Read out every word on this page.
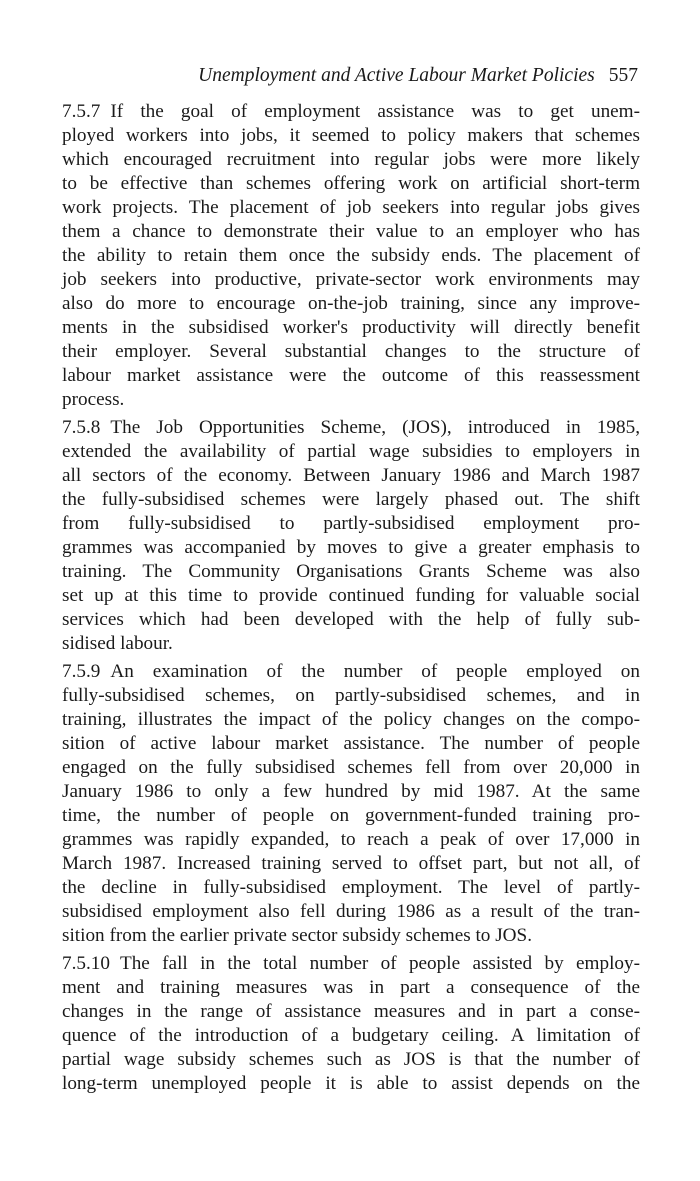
Unemployment and Active Labour Market Policies 557
7.5.7 If the goal of employment assistance was to get unem-
ployed workers into jobs, it seemed to policy makers that schemes
which encouraged recruitment into regular jobs were more likely
to be effective than schemes offering work on artificial short-term
work projects. The placement of job seekers into regular jobs gives
them a chance to demonstrate their value to an employer who has
the ability to retain them once the subsidy ends. The placement of
job seekers into productive, private-sector work environments may
also do more to encourage on-the-job training, since any improve-
ments in the subsidised worker's productivity will directly benefit
their employer. Several substantial changes to the structure of
labour market assistance were the outcome of this reassessment
process.
7.5.8 The Job Opportunities Scheme, (JOS), introduced in 1985,
extended the availability of partial wage subsidies to employers in
all sectors of the economy. Between January 1986 and March 1987
the fully-subsidised schemes were largely phased out. The shift
from fully-subsidised to partly-subsidised employment pro-
grammes was accompanied by moves to give a greater emphasis to
training. The Community Organisations Grants Scheme was also
set up at this time to provide continued funding for valuable social
services which had been developed with the help of fully sub-
sidised labour.
7.5.9 An examination of the number of people employed on
fully-subsidised schemes, on partly-subsidised schemes, and in
training, illustrates the impact of the policy changes on the compo-
sition of active labour market assistance. The number of people
engaged on the fully subsidised schemes fell from over 20,000 in
January 1986 to only a few hundred by mid 1987. At the same
time, the number of people on government-funded training pro-
grammes was rapidly expanded, to reach a peak of over 17,000 in
March 1987. Increased training served to offset part, but not all, of
the decline in fully-subsidised employment. The level of partly-
subsidised employment also fell during 1986 as a result of the tran-
sition from the earlier private sector subsidy schemes to JOS.
7.5.10 The fall in the total number of people assisted by employ-
ment and training measures was in part a consequence of the
changes in the range of assistance measures and in part a conse-
quence of the introduction of a budgetary ceiling. A limitation of
partial wage subsidy schemes such as JOS is that the number of
long-term unemployed people it is able to assist depends on the
